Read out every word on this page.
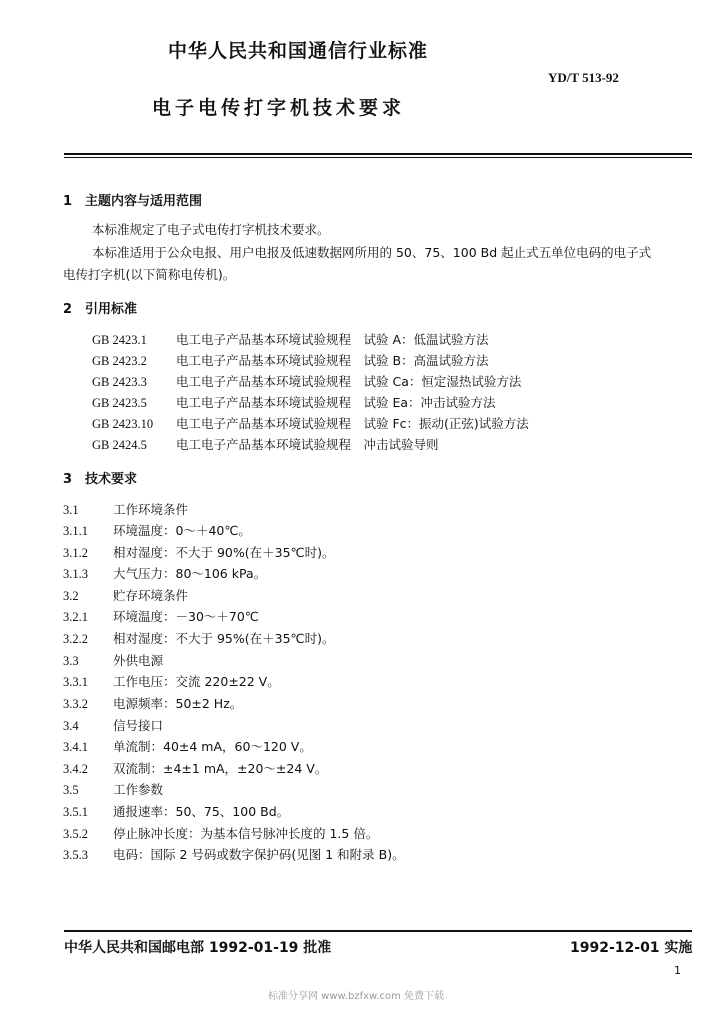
中华人民共和国通信行业标准
YD/T 513-92
电子电传打字机技术要求
1 主题内容与适用范围
本标准规定了电子式电传打字机技术要求。
本标准适用于公众电报、用户电报及低速数据网所用的 50、75、100 Bd 起止式五单位电码的电子式
电传打字机(以下简称电传机)。
2 引用标准
GB 2423.1 电工电子产品基本环境试验规程　试验 A：低温试验方法
GB 2423.2 电工电子产品基本环境试验规程　试验 B：高温试验方法
GB 2423.3 电工电子产品基本环境试验规程　试验 Ca：恒定湿热试验方法
GB 2423.5 电工电子产品基本环境试验规程　试验 Ea：冲击试验方法
GB 2423.10 电工电子产品基本环境试验规程　试验 Fc：振动(正弦)试验方法
GB 2424.5 电工电子产品基本环境试验规程　冲击试验导则
3 技术要求
3.1	工作环境条件
3.1.1 环境温度：0～＋40℃。
3.1.2 相对湿度：不大于 90%(在＋35℃时)。
3.1.3 大气压力：80～106 kPa。
3.2	贮存环境条件
3.2.1 环境温度：－30～＋70℃
3.2.2 相对湿度：不大于 95%(在＋35℃时)。
3.3	外供电源
3.3.1 工作电压：交流 220±22 V。
3.3.2 电源频率：50±2 Hz。
3.4	信号接口
3.4.1 单流制：40±4 mA，60～120 V。
3.4.2 双流制：±4±1 mA，±20～±24 V。
3.5	工作参数
3.5.1 通报速率：50、75、100 Bd。
3.5.2 停止脉冲长度：为基本信号脉冲长度的 1.5 倍。
3.5.3 电码：国际 2 号码或数字保护码(见图 1 和附录 B)。
中华人民共和国邮电部 1992-01-19 批准	1992-12-01 实施
1
标准分享网 www.bzfxw.com 免费下载
